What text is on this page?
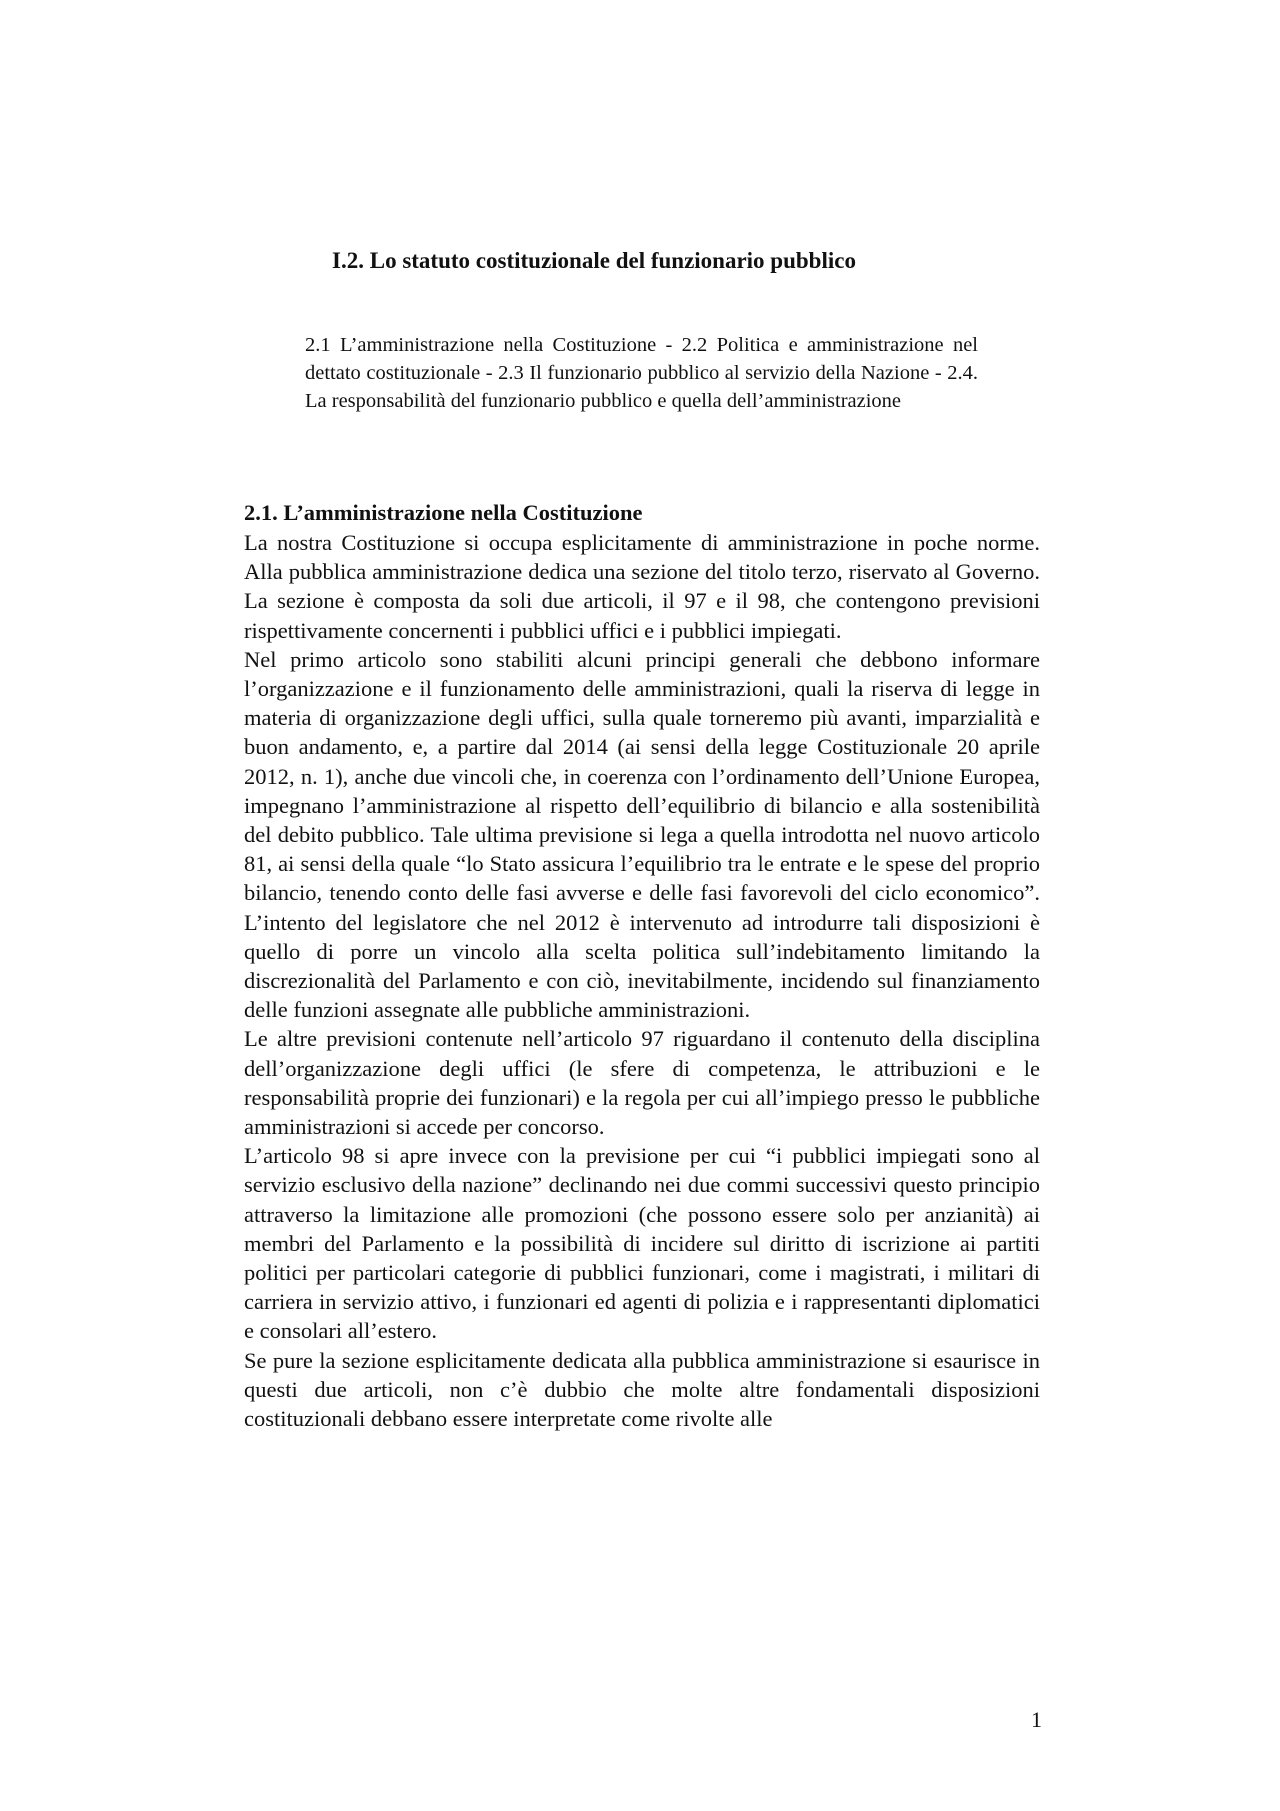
I.2. Lo statuto costituzionale del funzionario pubblico

2.1 L’amministrazione nella Costituzione - 2.2 Politica e amministrazione nel dettato costituzionale - 2.3 Il funzionario pubblico al servizio della Nazione - 2.4. La responsabilità del funzionario pubblico e quella dell’amministrazione

2.1. L’amministrazione nella Costituzione

La nostra Costituzione si occupa esplicitamente di amministrazione in poche norme. Alla pubblica amministrazione dedica una sezione del titolo terzo, riservato al Governo. La sezione è composta da soli due articoli, il 97 e il 98, che contengono previsioni rispettivamente concernenti i pubblici uffici e i pubblici impiegati.

Nel primo articolo sono stabiliti alcuni principi generali che debbono informare l’organizzazione e il funzionamento delle amministrazioni, quali la riserva di legge in materia di organizzazione degli uffici, sulla quale torneremo più avanti, imparzialità e buon andamento, e, a partire dal 2014 (ai sensi della legge Costituzionale 20 aprile 2012, n. 1), anche due vincoli che, in coerenza con l’ordinamento dell’Unione Europea, impegnano l’amministrazione al rispetto dell’equilibrio di bilancio e alla sostenibilità del debito pubblico. Tale ultima previsione si lega a quella introdotta nel nuovo articolo 81, ai sensi della quale “lo Stato assicura l’equilibrio tra le entrate e le spese del proprio bilancio, tenendo conto delle fasi avverse e delle fasi favorevoli del ciclo economico”. L’intento del legislatore che nel 2012 è intervenuto ad introdurre tali disposizioni è quello di porre un vincolo alla scelta politica sull’indebitamento limitando la discrezionalità del Parlamento e con ciò, inevitabilmente, incidendo sul finanziamento delle funzioni assegnate alle pubbliche amministrazioni.

Le altre previsioni contenute nell’articolo 97 riguardano il contenuto della disciplina dell’organizzazione degli uffici (le sfere di competenza, le attribuzioni e le responsabilità proprie dei funzionari) e la regola per cui all’impiego presso le pubbliche amministrazioni si accede per concorso.

L’articolo 98 si apre invece con la previsione per cui “i pubblici impiegati sono al servizio esclusivo della nazione” declinando nei due commi successivi questo principio attraverso la limitazione alle promozioni (che possono essere solo per anzianità) ai membri del Parlamento e la possibilità di incidere sul diritto di iscrizione ai partiti politici per particolari categorie di pubblici funzionari, come i magistrati, i militari di carriera in servizio attivo, i funzionari ed agenti di polizia e i rappresentanti diplomatici e consolari all’estero.

Se pure la sezione esplicitamente dedicata alla pubblica amministrazione si esaurisce in questi due articoli, non c’è dubbio che molte altre fondamentali disposizioni costituzionali debbano essere interpretate come rivolte alle

1
